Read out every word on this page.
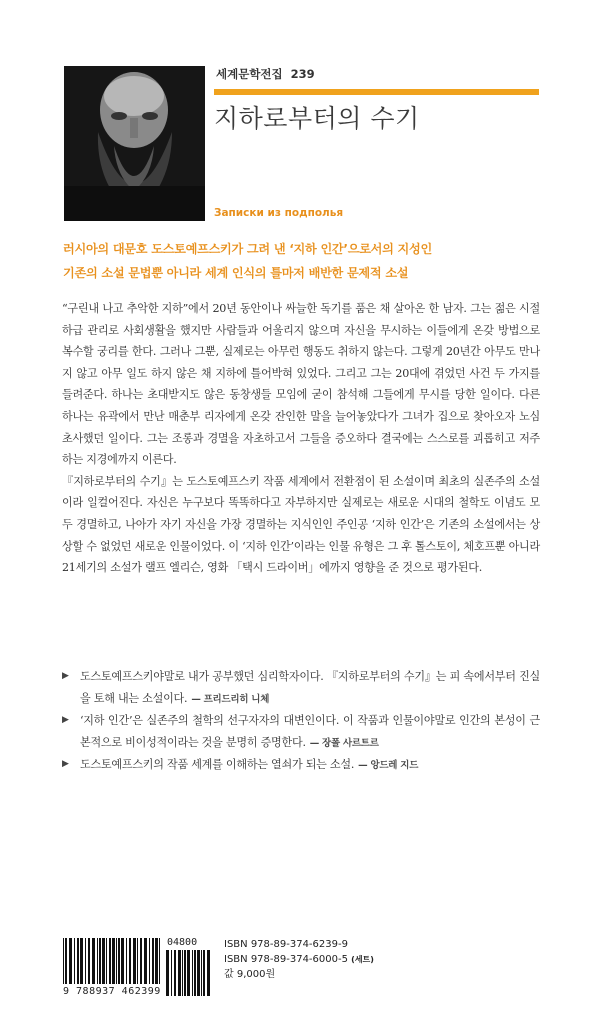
세계문학전집 239
지하로부터의 수기
Записки из подполья
러시아의 대문호 도스토예프스키가 그려 낸 ‘지하 인간’으로서의 지성인
기존의 소설 문법뿐 아니라 세계 인식의 틀마저 배반한 문제적 소설

“구린내 나고 추악한 지하”에서 20년 동안이나 싸늘한 독기를 품은 채 살아온 한 남자. 그는 젊은 시절 하급 관리로 사회생활을 했지만 사람들과 어울리지 않으며 자신을 무시하는 이들에게 온갖 방법으로 복수할 궁리를 한다. 그러나 그뿐, 실제로는 아무런 행동도 취하지 않는다. 그렇게 20년간 아무도 만나지 않고 아무 일도 하지 않은 채 지하에 틀어박혀 있었다. 그리고 그는 20대에 겪었던 사건 두 가지를 들려준다. 하나는 초대받지도 않은 동창생들 모임에 굳이 참석해 그들에게 무시를 당한 일이다. 다른 하나는 유곽에서 만난 매춘부 리자에게 온갖 잔인한 말을 늘어놓았다가 그녀가 집으로 찾아오자 노심초사했던 일이다. 그는 조롱과 경멸을 자초하고서 그들을 증오하다 결국에는 스스로를 괴롭히고 저주하는 지경에까지 이른다.

『지하로부터의 수기』는 도스토예프스키 작품 세계에서 전환점이 된 소설이며 최초의 실존주의 소설이라 일컬어진다. 자신은 누구보다 똑똑하다고 자부하지만 실제로는 새로운 시대의 철학도 이념도 모두 경멸하고, 나아가 자기 자신을 가장 경멸하는 지식인인 주인공 ‘지하 인간’은 기존의 소설에서는 상상할 수 없었던 새로운 인물이었다. 이 ‘지하 인간’이라는 인물 유형은 그 후 톨스토이, 체호프뿐 아니라 21세기의 소설가 랠프 엘리슨, 영화 「택시 드라이버」에까지 영향을 준 것으로 평가된다.

▶ 도스토예프스키야말로 내가 공부했던 심리학자이다. 『지하로부터의 수기』는 피 속에서부터 진실을 토해 내는 소설이다. — 프리드리히 니체
▶ ‘지하 인간’은 실존주의 철학의 선구자자의 대변인이다. 이 작품과 인물이야말로 인간의 본성이 근본적으로 비이성적이라는 것을 분명히 증명한다. — 장폴 사르트르
▶ 도스토예프스키의 작품 세계를 이해하는 열쇠가 되는 소설. — 앙드레 지드
9 788937 462399
04800	ISBN 978-89-374-6239-9
ISBN 978-89-374-6000-5 (세트)
값 9,000원
